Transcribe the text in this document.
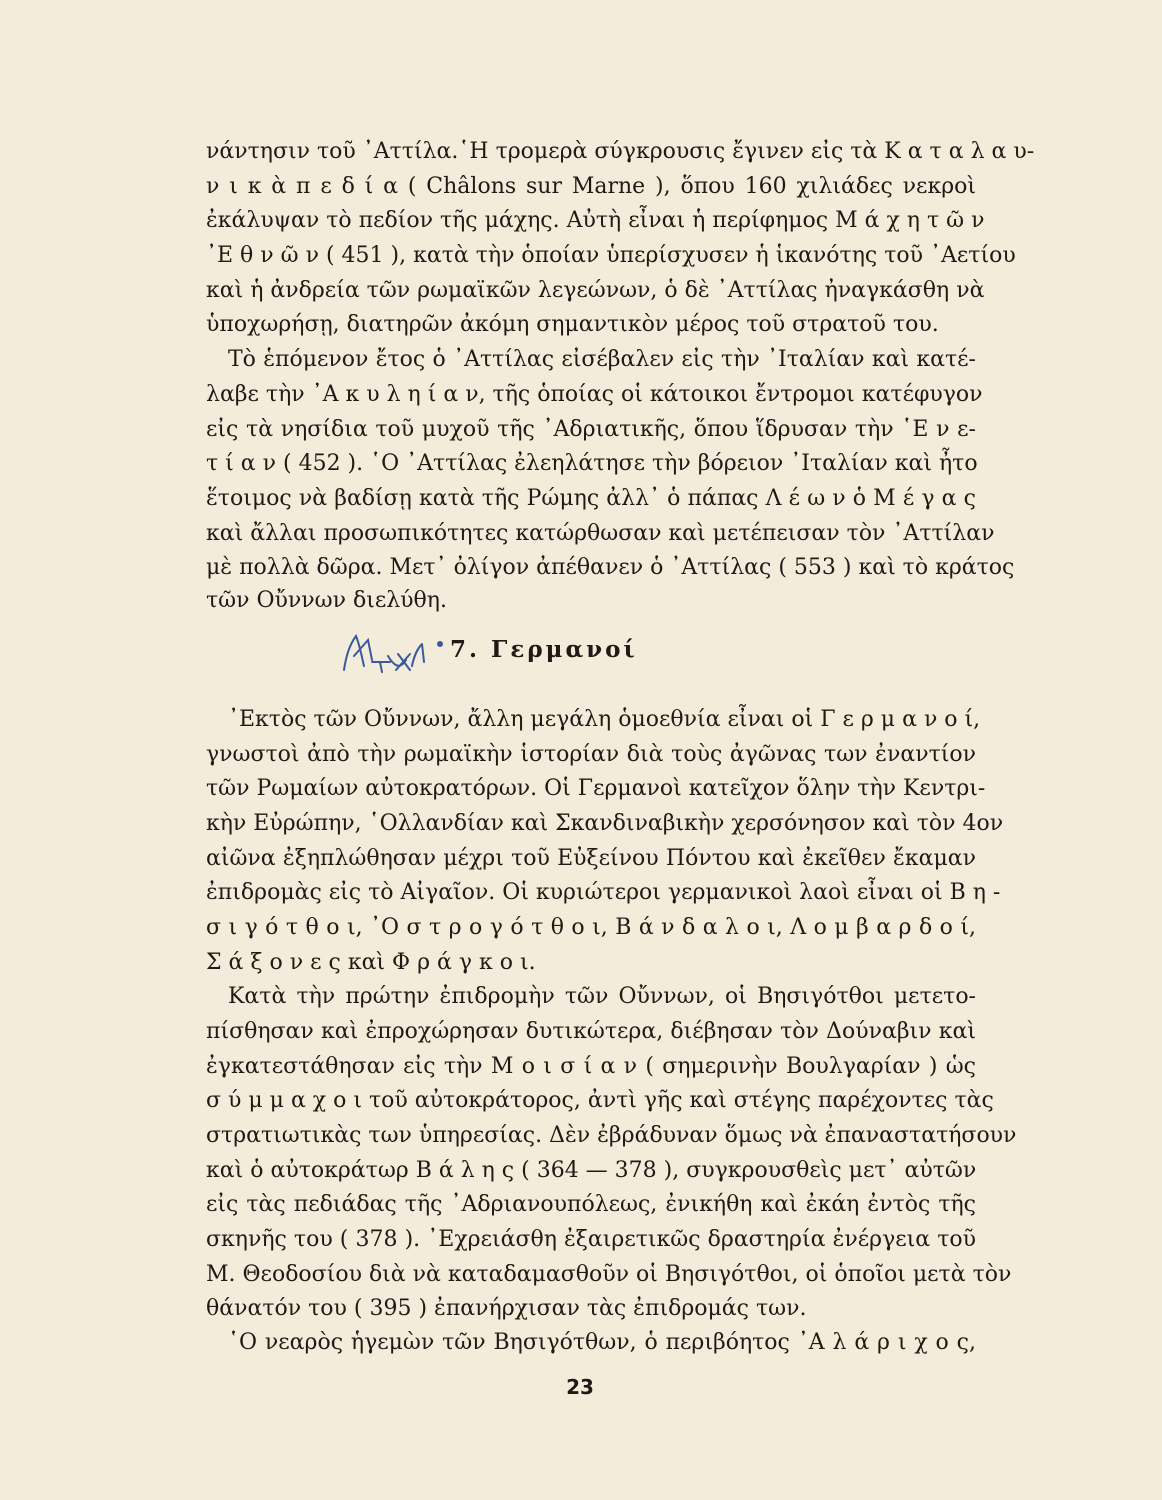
νάντησιν τοῦ ᾿Αττίλα.῾Η τρομερὰ σύγκρουσις ἔγινεν εἰς τὰ Κ α τ α λ α υ-
ν ι κ ὰ π ε δ ί α ( Châlons sur Marne ), ὅπου 160 χιλιάδες νεκροὶ
ἐκάλυψαν τὸ πεδίον τῆς μάχης. Αὐτὴ εἶναι ἡ περίφημος Μ ά χ η τ ῶ ν
᾿Ε θ ν ῶ ν ( 451 ), κατὰ τὴν ὁποίαν ὑπερίσχυσεν ἡ ἱκανότης τοῦ ᾿Αετίου
καὶ ἡ ἀνδρεία τῶν ρωμαϊκῶν λεγεώνων, ὁ δὲ ᾿Αττίλας ἠναγκάσθη νὰ
ὑποχωρήσῃ, διατηρῶν ἀκόμη σημαντικὸν μέρος τοῦ στρατοῦ του.
Τὸ ἑπόμενον ἔτος ὁ ᾿Αττίλας εἰσέβαλεν εἰς τὴν ᾿Ιταλίαν καὶ κατέ-
λαβε τὴν ᾿Α κ υ λ η ί α ν, τῆς ὁποίας οἱ κάτοικοι ἔντρομοι κατέφυγον
εἰς τὰ νησίδια τοῦ μυχοῦ τῆς ᾿Αδριατικῆς, ὅπου ἵδρυσαν τὴν ῾Ε ν ε-
τ ί α ν ( 452 ). ῾Ο ᾿Αττίλας ἐλεηλάτησε τὴν βόρειον ᾿Ιταλίαν καὶ ἦτο
ἕτοιμος νὰ βαδίσῃ κατὰ τῆς Ρώμης ἀλλ᾿ ὁ πάπας Λ έ ω ν ὁ Μ έ γ α ς
καὶ ἄλλαι προσωπικότητες κατώρθωσαν καὶ μετέπεισαν τὸν ᾿Αττίλαν
μὲ πολλὰ δῶρα. Μετ᾿ ὀλίγον ἀπέθανεν ὁ ᾿Αττίλας ( 553 ) καὶ τὸ κράτος
τῶν Οὔννων διελύθη.
7. Γερμανοί
᾿Εκτὸς τῶν Οὔννων, ἄλλη μεγάλη ὁμοεθνία εἶναι οἱ Γ ε ρ μ α ν ο ί,
γνωστοὶ ἀπὸ τὴν ρωμαϊκὴν ἱστορίαν διὰ τοὺς ἀγῶνας των ἐναντίον
τῶν Ρωμαίων αὐτοκρατόρων. Οἱ Γερμανοὶ κατεῖχον ὅλην τὴν Κεντρι-
κὴν Εὐρώπην, ῾Ολλανδίαν καὶ Σκανδιναβικὴν χερσόνησον καὶ τὸν 4ον
αἰῶνα ἐξηπλώθησαν μέχρι τοῦ Εὐξείνου Πόντου καὶ ἐκεῖθεν ἔκαμαν
ἐπιδρομὰς εἰς τὸ Αἰγαῖον. Οἱ κυριώτεροι γερμανικοὶ λαοὶ εἶναι οἱ Β η -
σ ι γ ό τ θ ο ι, ᾿Ο σ τ ρ ο γ ό τ θ ο ι, Β ά ν δ α λ ο ι, Λ ο μ β α ρ δ ο ί,
Σ ά ξ ο ν ε ς καὶ Φ ρ ά γ κ ο ι.
Κατὰ τὴν πρώτην ἐπιδρομὴν τῶν Οὔννων, οἱ Βησιγότθοι μετετο-
πίσθησαν καὶ ἐπροχώρησαν δυτικώτερα, διέβησαν τὸν Δούναβιν καὶ
ἐγκατεστάθησαν εἰς τὴν Μ ο ι σ ί α ν ( σημερινὴν Βουλγαρίαν ) ὡς
σ ύ μ μ α χ ο ι τοῦ αὐτοκράτορος, ἀντὶ γῆς καὶ στέγης παρέχοντες τὰς
στρατιωτικὰς των ὑπηρεσίας. Δὲν ἐβράδυναν ὅμως νὰ ἐπαναστατήσουν
καὶ ὁ αὐτοκράτωρ Β ά λ η ς ( 364 — 378 ), συγκρουσθεὶς μετ᾿ αὐτῶν
εἰς τὰς πεδιάδας τῆς ᾿Αδριανουπόλεως, ἐνικήθη καὶ ἐκάη ἐντὸς τῆς
σκηνῆς του ( 378 ). ᾿Εχρειάσθη ἐξαιρετικῶς δραστηρία ἐνέργεια τοῦ
Μ. Θεοδοσίου διὰ νὰ καταδαμασθοῦν οἱ Βησιγότθοι, οἱ ὁποῖοι μετὰ τὸν
θάνατόν του ( 395 ) ἐπανήρχισαν τὰς ἐπιδρομάς των.
῾Ο νεαρὸς ἡγεμὼν τῶν Βησιγότθων, ὁ περιβόητος ᾿Α λ ά ρ ι χ ο ς,
23
